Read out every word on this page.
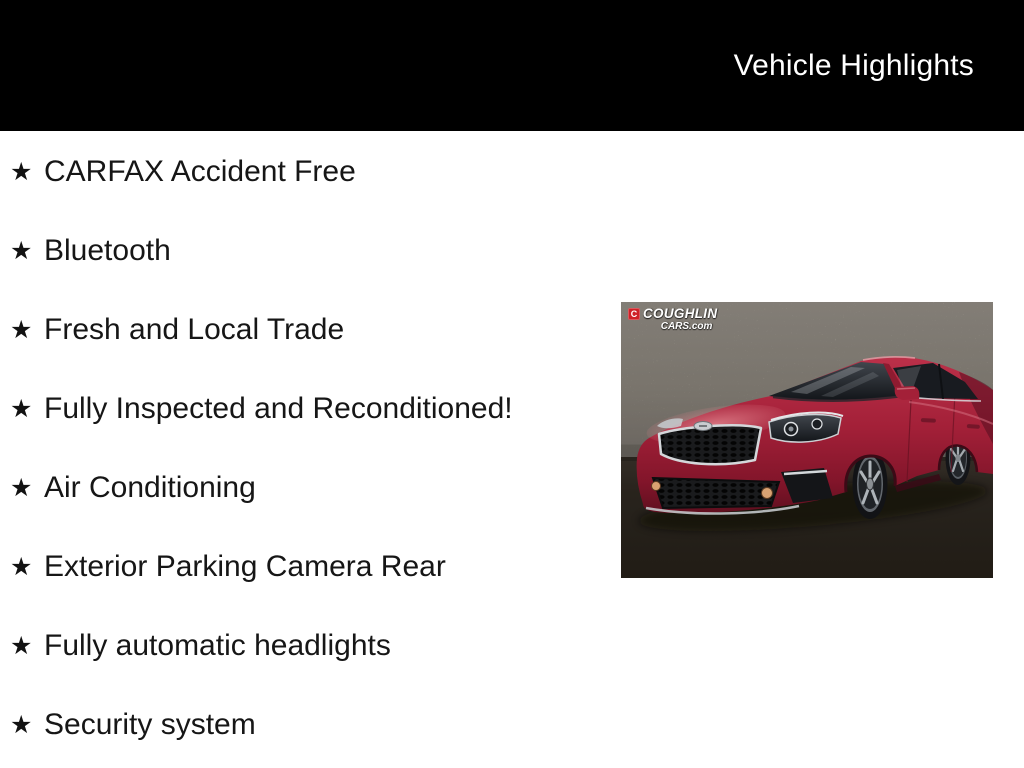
Vehicle Highlights
★ CARFAX Accident Free
★ Bluetooth
★ Fresh and Local Trade
★ Fully Inspected and Reconditioned!
★ Air Conditioning
★ Exterior Parking Camera Rear
★ Fully automatic headlights
★ Security system
C COUGHLIN
CARS.com
